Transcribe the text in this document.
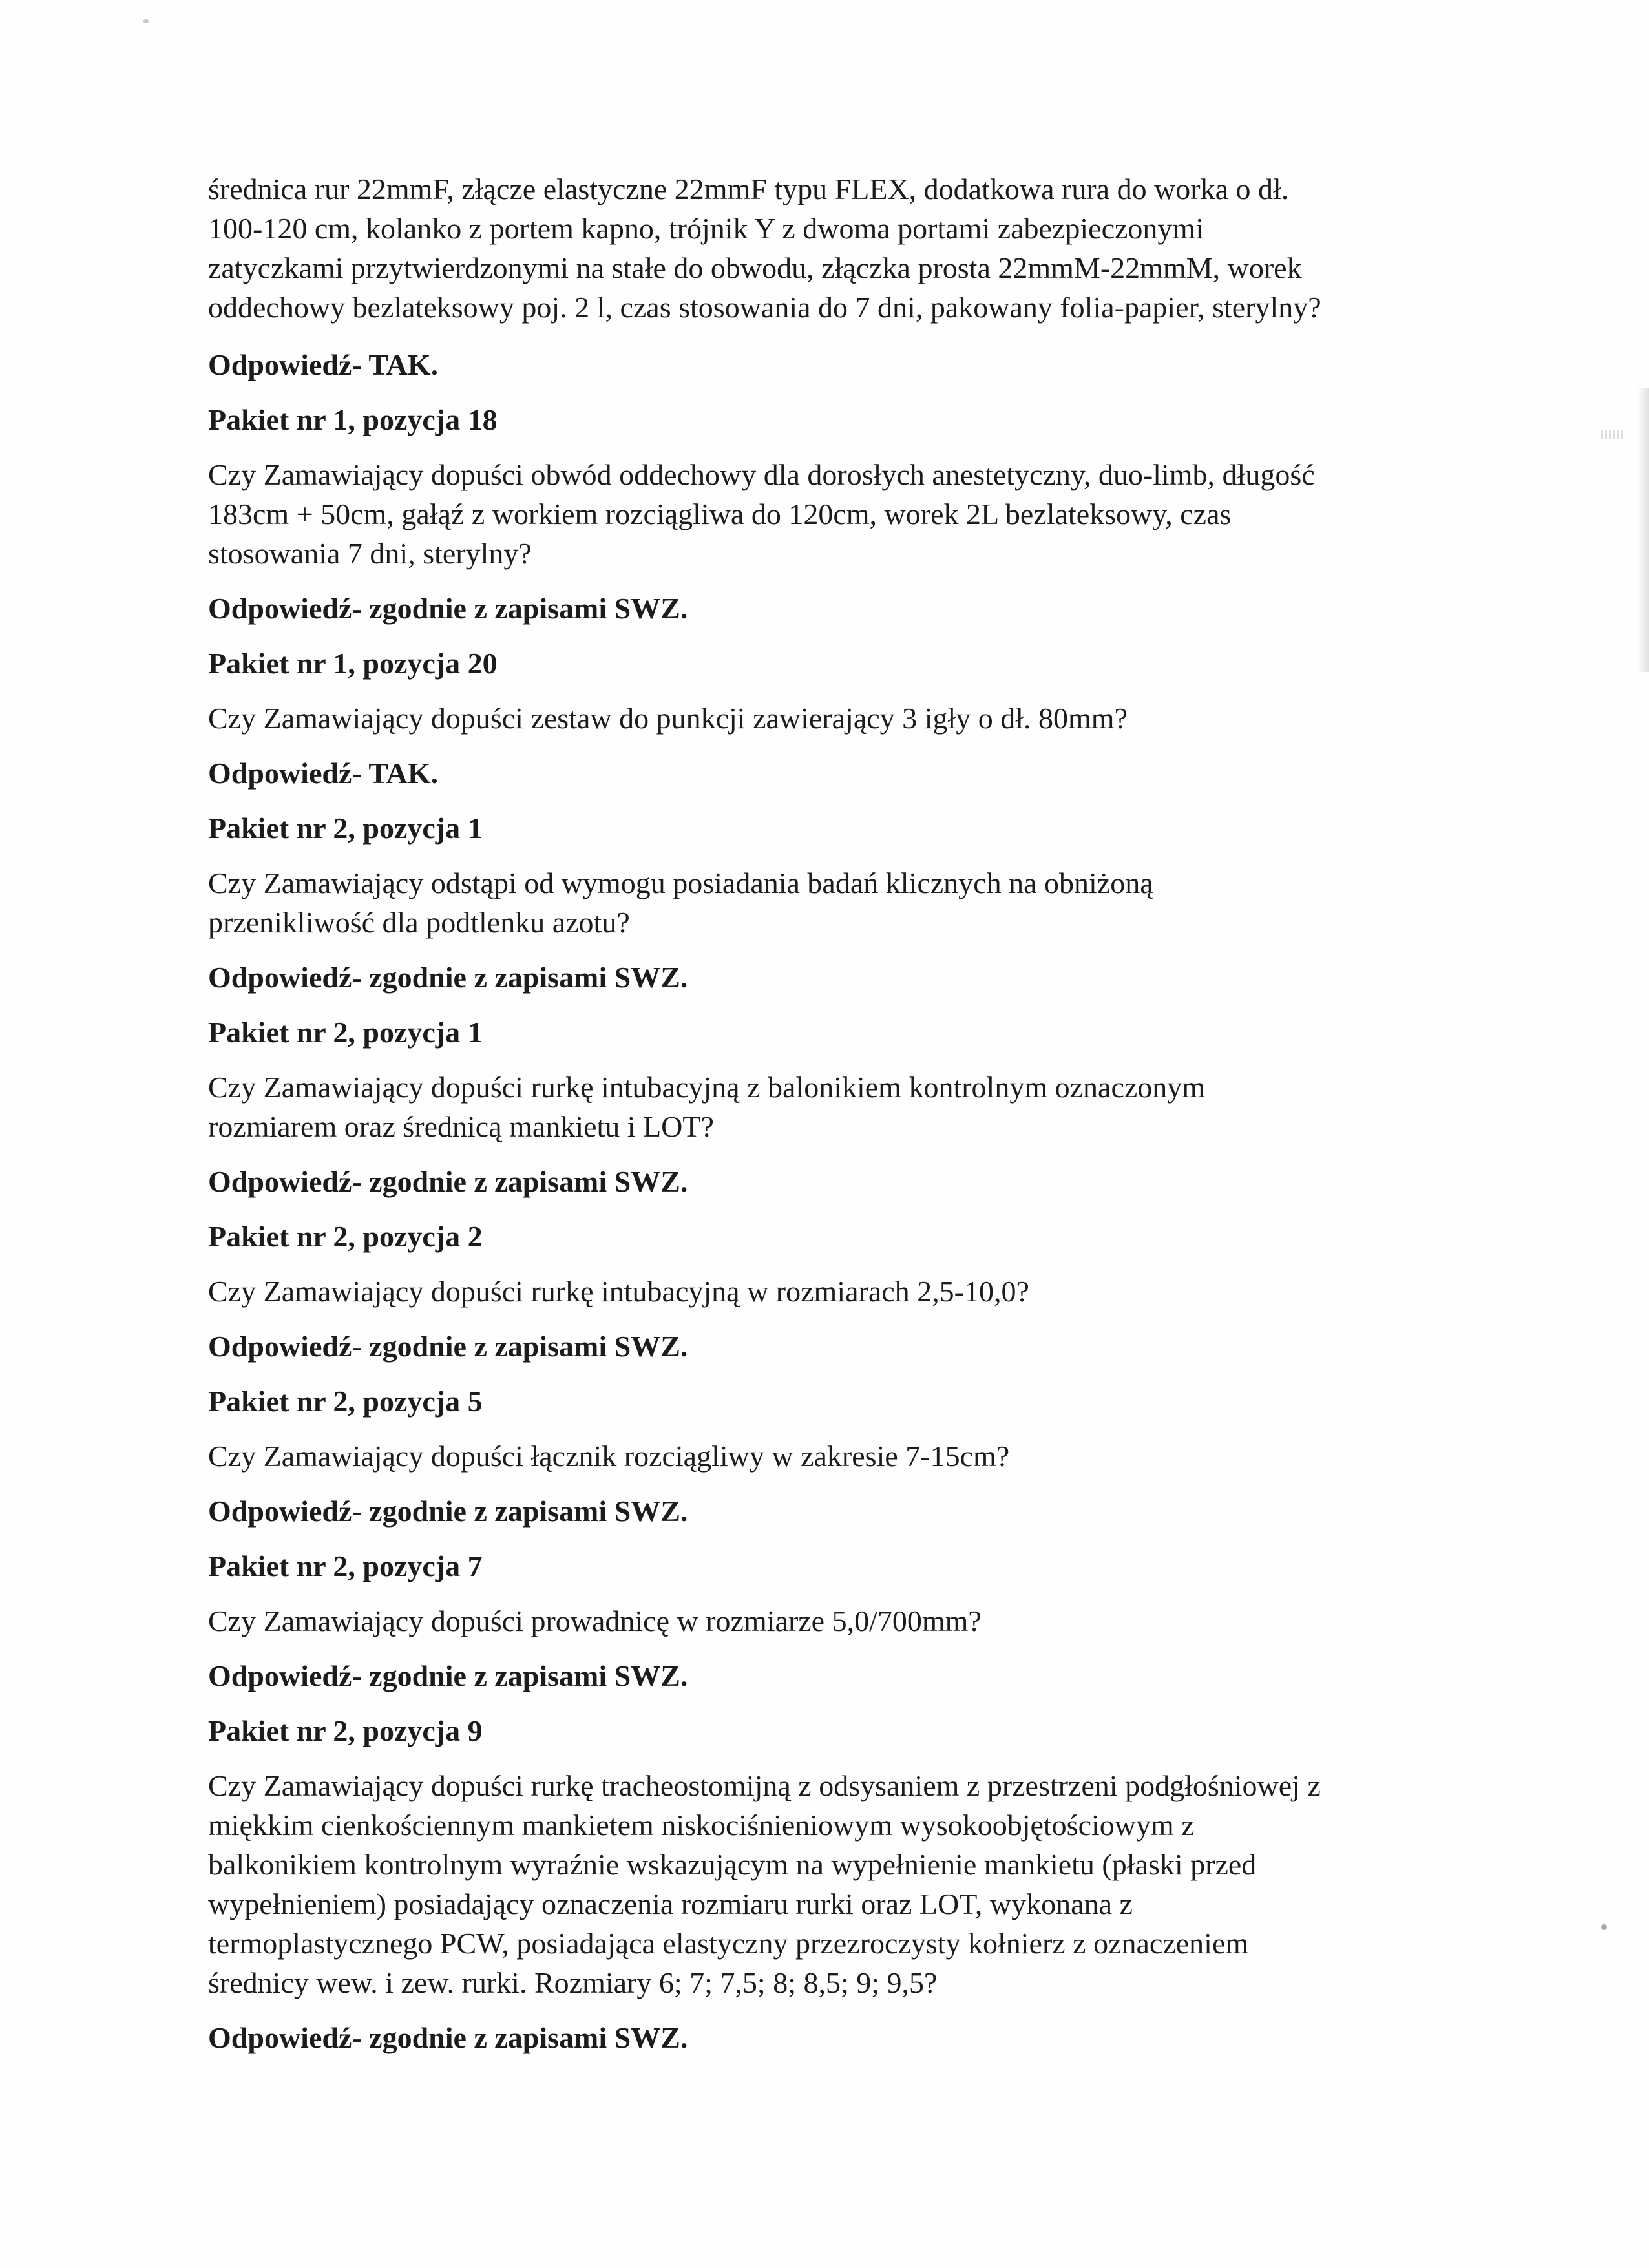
średnica rur 22mmF, złącze elastyczne 22mmF typu FLEX, dodatkowa rura do worka o dł.
100-120 cm, kolanko z portem kapno, trójnik Y z dwoma portami zabezpieczonymi
zatyczkami przytwierdzonymi na stałe do obwodu, złączka prosta 22mmM-22mmM, worek
oddechowy bezlateksowy poj. 2 l, czas stosowania do 7 dni, pakowany folia-papier, sterylny?

Odpowiedź- TAK.

Pakiet nr 1, pozycja 18

Czy Zamawiający dopuści obwód oddechowy dla dorosłych anestetyczny, duo-limb, długość
183cm + 50cm, gałąź z workiem rozciągliwa do 120cm, worek 2L bezlateksowy, czas
stosowania 7 dni, sterylny?

Odpowiedź- zgodnie z zapisami SWZ.

Pakiet nr 1, pozycja 20

Czy Zamawiający dopuści zestaw do punkcji zawierający 3 igły o dł. 80mm?

Odpowiedź- TAK.

Pakiet nr 2, pozycja 1

Czy Zamawiający odstąpi od wymogu posiadania badań klicznych na obniżoną
przenikliwość dla podtlenku azotu?

Odpowiedź- zgodnie z zapisami SWZ.

Pakiet nr 2, pozycja 1

Czy Zamawiający dopuści rurkę intubacyjną z balonikiem kontrolnym oznaczonym
rozmiarem oraz średnicą mankietu i LOT?

Odpowiedź- zgodnie z zapisami SWZ.

Pakiet nr 2, pozycja 2

Czy Zamawiający dopuści rurkę intubacyjną w rozmiarach 2,5-10,0?

Odpowiedź- zgodnie z zapisami SWZ.

Pakiet nr 2, pozycja 5

Czy Zamawiający dopuści łącznik rozciągliwy w zakresie 7-15cm?

Odpowiedź- zgodnie z zapisami SWZ.

Pakiet nr 2, pozycja 7

Czy Zamawiający dopuści prowadnicę w rozmiarze 5,0/700mm?

Odpowiedź- zgodnie z zapisami SWZ.

Pakiet nr 2, pozycja 9

Czy Zamawiający dopuści rurkę tracheostomijną z odsysaniem z przestrzeni podgłośniowej z
miękkim cienkościennym mankietem niskociśnieniowym wysokoobjętościowym z
balkonikiem kontrolnym wyraźnie wskazującym na wypełnienie mankietu (płaski przed
wypełnieniem) posiadający oznaczenia rozmiaru rurki oraz LOT, wykonana z
termoplastycznego PCW, posiadająca elastyczny przezroczysty kołnierz z oznaczeniem
średnicy wew. i zew. rurki. Rozmiary 6; 7; 7,5; 8; 8,5; 9; 9,5?

Odpowiedź- zgodnie z zapisami SWZ.
